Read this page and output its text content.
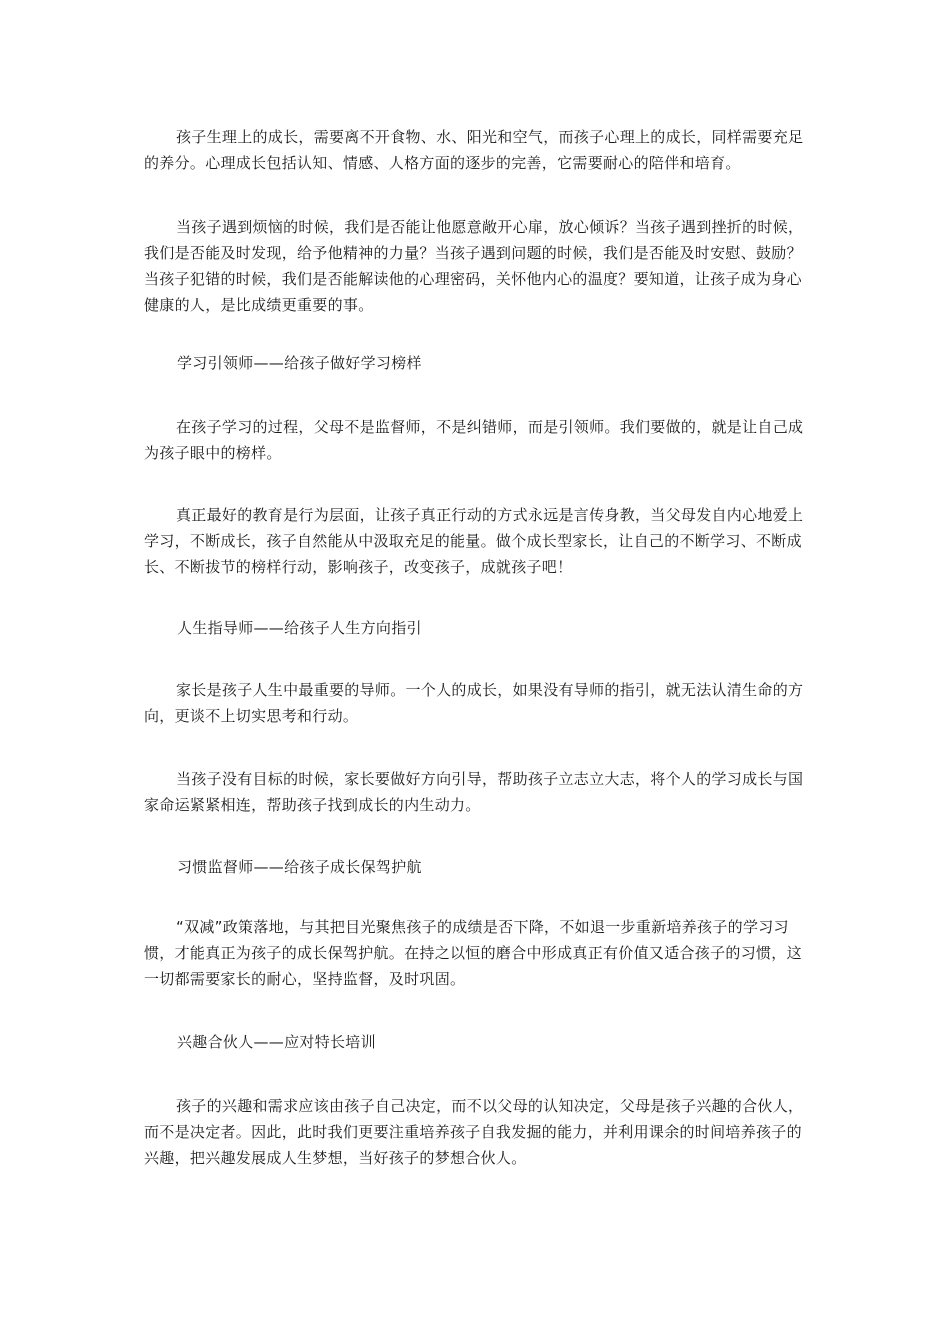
孩子生理上的成长，需要离不开食物、水、阳光和空气，而孩子心理上的成长，同样需要充足的养分。心理成长包括认知、情感、人格方面的逐步的完善，它需要耐心的陪伴和培育。

当孩子遇到烦恼的时候，我们是否能让他愿意敞开心扉，放心倾诉？当孩子遇到挫折的时候，我们是否能及时发现，给予他精神的力量？当孩子遇到问题的时候，我们是否能及时安慰、鼓励？当孩子犯错的时候，我们是否能解读他的心理密码，关怀他内心的温度？要知道，让孩子成为身心健康的人，是比成绩更重要的事。

学习引领师——给孩子做好学习榜样

在孩子学习的过程，父母不是监督师，不是纠错师，而是引领师。我们要做的，就是让自己成为孩子眼中的榜样。

真正最好的教育是行为层面，让孩子真正行动的方式永远是言传身教，当父母发自内心地爱上学习，不断成长，孩子自然能从中汲取充足的能量。做个成长型家长，让自己的不断学习、不断成长、不断拔节的榜样行动，影响孩子，改变孩子，成就孩子吧！

人生指导师——给孩子人生方向指引

家长是孩子人生中最重要的导师。一个人的成长，如果没有导师的指引，就无法认清生命的方向，更谈不上切实思考和行动。

当孩子没有目标的时候，家长要做好方向引导，帮助孩子立志立大志，将个人的学习成长与国家命运紧紧相连，帮助孩子找到成长的内生动力。

习惯监督师——给孩子成长保驾护航

“双减”政策落地，与其把目光聚焦孩子的成绩是否下降，不如退一步重新培养孩子的学习习惯，才能真正为孩子的成长保驾护航。在持之以恒的磨合中形成真正有价值又适合孩子的习惯，这一切都需要家长的耐心，坚持监督，及时巩固。

兴趣合伙人——应对特长培训

孩子的兴趣和需求应该由孩子自己决定，而不以父母的认知决定，父母是孩子兴趣的合伙人，而不是决定者。因此，此时我们更要注重培养孩子自我发掘的能力，并利用课余的时间培养孩子的兴趣，把兴趣发展成人生梦想，当好孩子的梦想合伙人。
